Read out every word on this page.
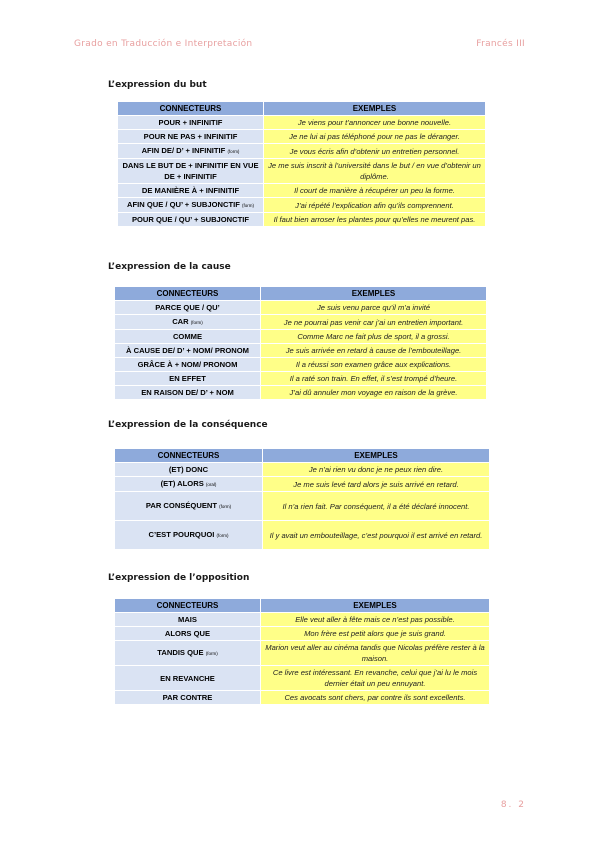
Grado en Traducción e Interpretación	Francés III
L’expression du but
CONNECTEURS	EXEMPLES
POUR + INFINITIF	Je viens pour t’annoncer une bonne nouvelle.
POUR NE PAS + INFINITIF	Je ne lui ai pas téléphoné pour ne pas le déranger.
AFIN DE/ D’ + INFINITIF (form)	Je vous écris afin d’obtenir un entretien personnel.
DANS LE BUT DE + INFINITIF EN VUE DE + INFINITIF	Je me suis inscrit à l’université dans le but / en vue d’obtenir un diplôme.
DE MANIÈRE À + INFINITIF	Il court de manière à récupérer un peu la forme.
AFIN QUE / QU’ + SUBJONCTIF (form)	J’ai répété l’explication afin qu’ils comprennent.
POUR QUE / QU’ + SUBJONCTIF	Il faut bien arroser les plantes pour qu’elles ne meurent pas.
L’expression de la cause
CONNECTEURS	EXEMPLES
PARCE QUE / QU’	Je suis venu parce qu’il m’a invité
CAR (form)	Je ne pourrai pas venir car j’ai un entretien important.
COMME	Comme Marc ne fait plus de sport, il a grossi.
À CAUSE DE/ D’ + NOM/ PRONOM	Je suis arrivée en retard à cause de l’embouteillage.
GRÂCE À + NOM/ PRONOM	Il a réussi son examen grâce aux explications.
EN EFFET	Il a raté son train. En effet, il s’est trompé d’heure.
EN RAISON DE/ D’ + NOM	J’ai dû annuler mon voyage en raison de la grève.
L’expression de la conséquence
CONNECTEURS	EXEMPLES
(ET) DONC	Je n’ai rien vu donc je ne peux rien dire.
(ET) ALORS (oral)	Je me suis levé tard alors je suis arrivé en retard.
PAR CONSÉQUENT (form)	Il n’a rien fait. Par conséquent, il a été déclaré innocent.
C’EST POURQUOI (form)	Il y avait un embouteillage, c’est pourquoi il est arrivé en retard.
L’expression de l’opposition
CONNECTEURS	EXEMPLES
MAIS	Elle veut aller à fête mais ce n’est pas possible.
ALORS QUE	Mon frère est petit alors que je suis grand.
TANDIS QUE (form)	Marion veut aller au cinéma tandis que Nicolas préfère rester à la maison.
EN REVANCHE	Ce livre est intéressant. En revanche, celui que j’ai lu le mois dernier était un peu ennuyant.
PAR CONTRE	Ces avocats sont chers, par contre ils sont excellents.
8. 2
